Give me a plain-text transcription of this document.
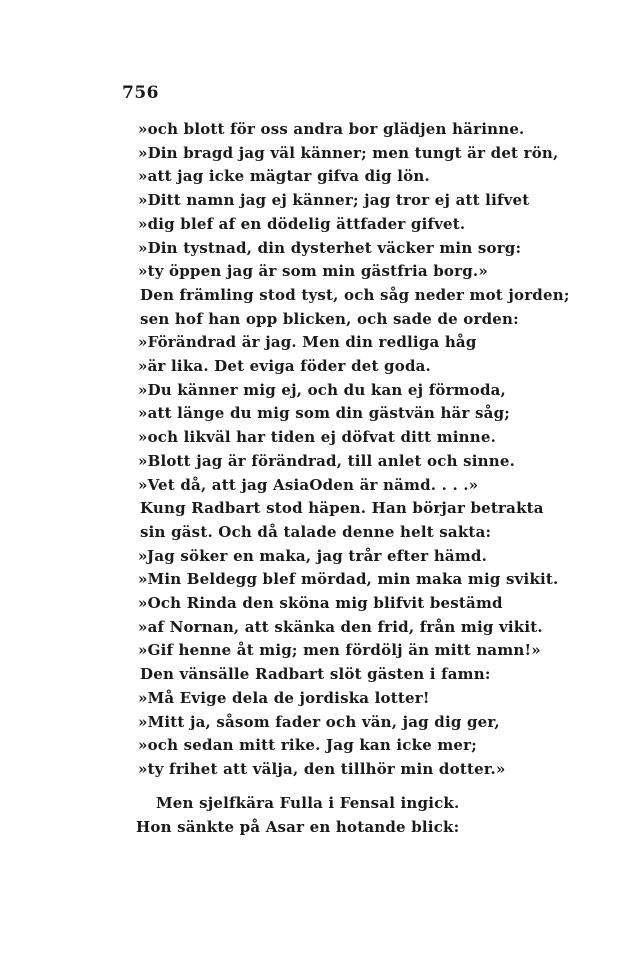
756
»och blott för oss andra bor glädjen härinne.
»Din bragd jag väl känner; men tungt är det rön,
»att jag icke mägtar gifva dig lön.
»Ditt namn jag ej känner; jag tror ej att lifvet
»dig blef af en dödelig ättfader gifvet.
»Din tystnad, din dysterhet väcker min sorg:
»ty öppen jag är som min gästfria borg.»
Den främling stod tyst, och såg neder mot jorden;
sen hof han opp blicken, och sade de orden:
»Förändrad är jag. Men din redliga håg
»är lika. Det eviga föder det goda.
»Du känner mig ej, och du kan ej förmoda,
»att länge du mig som din gästvän här såg;
»och likväl har tiden ej döfvat ditt minne.
»Blott jag är förändrad, till anlet och sinne.
»Vet då, att jag AsiaOden är nämd. . . .»
Kung Radbart stod häpen. Han börjar betrakta
sin gäst. Och då talade denne helt sakta:
»Jag söker en maka, jag trår efter hämd.
»Min Beldegg blef mördad, min maka mig svikit.
»Och Rinda den sköna mig blifvit bestämd
»af Nornan, att skänka den frid, från mig vikit.
»Gif henne åt mig; men fördölj än mitt namn!»
Den vänsälle Radbart slöt gästen i famn:
»Må Evige dela de jordiska lotter!
»Mitt ja, såsom fader och vän, jag dig ger,
»och sedan mitt rike. Jag kan icke mer;
»ty frihet att välja, den tillhör min dotter.»
Men sjelfkära Fulla i Fensal ingick.
Hon sänkte på Asar en hotande blick:
